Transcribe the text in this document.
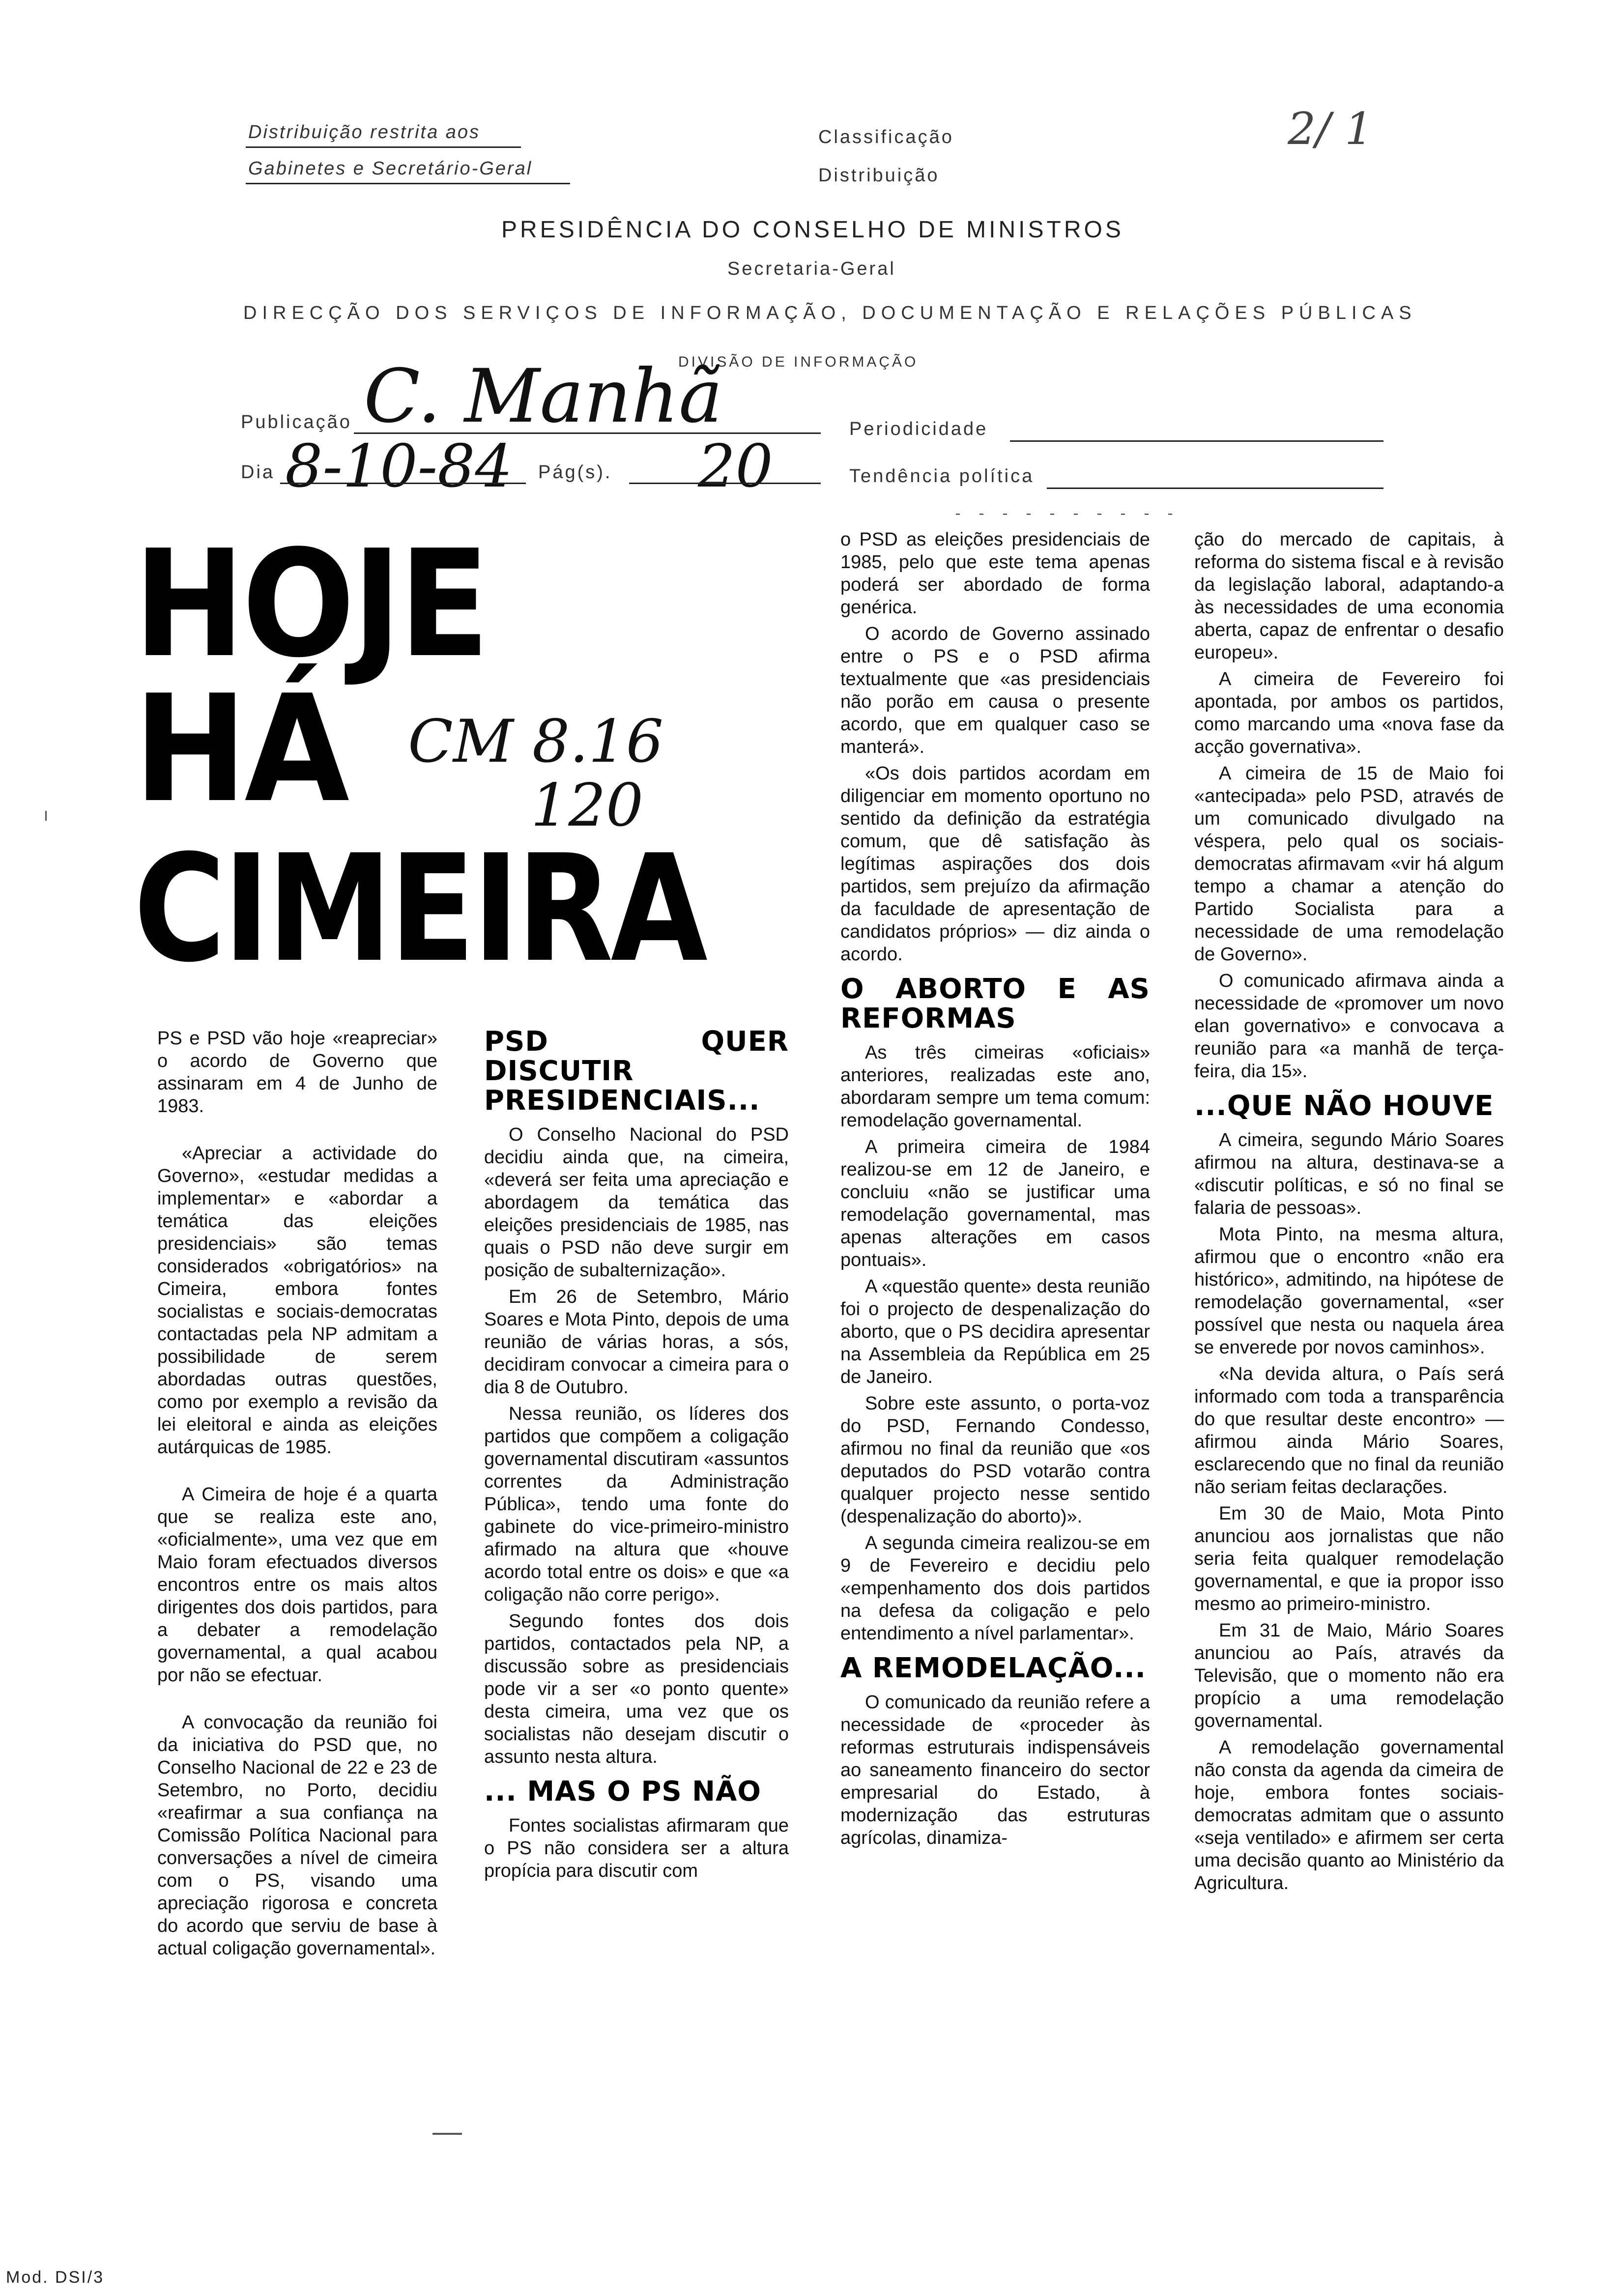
Distribuição restrita aos
Gabinetes e Secretário-Geral
Classificação
Distribuição
2/ 1
PRESIDÊNCIA DO CONSELHO DE MINISTROS
Secretaria-Geral
DIRECÇÃO DOS SERVIÇOS DE INFORMAÇÃO, DOCUMENTAÇÃO E RELAÇÕES PÚBLICAS
DIVISÃO DE INFORMAÇÃO
Publicação C. Manhã
Dia 8-10-84 Pág(s). 20
Periodicidade
Tendência política
- - - - - - - - - -
HOJE
HÁ
CIMEIRA
CM 8.16
120

PS e PSD vão hoje «reapreciar» o acordo de Governo que assinaram em 4 de Junho de 1983.

«Apreciar a actividade do Governo», «estudar medidas a implementar» e «abordar a temática das eleições presidenciais» são temas considerados «obrigatórios» na Cimeira, embora fontes socialistas e sociais-democratas contactadas pela NP admitam a possibilidade de serem abordadas outras questões, como por exemplo a revisão da lei eleitoral e ainda as eleições autárquicas de 1985.

A Cimeira de hoje é a quarta que se realiza este ano, «oficialmente», uma vez que em Maio foram efectuados diversos encontros entre os mais altos dirigentes dos dois partidos, para a debater a remodelação governamental, a qual acabou por não se efectuar.

A convocação da reunião foi da iniciativa do PSD que, no Conselho Nacional de 22 e 23 de Setembro, no Porto, decidiu «reafirmar a sua confiança na Comissão Política Nacional para conversações a nível de cimeira com o PS, visando uma apreciação rigorosa e concreta do acordo que serviu de base à actual coligação governamental».

PSD QUER DISCUTIR PRESIDENCIAIS...

O Conselho Nacional do PSD decidiu ainda que, na cimeira, «deverá ser feita uma apreciação e abordagem da temática das eleições presidenciais de 1985, nas quais o PSD não deve surgir em posição de subalternização».

Em 26 de Setembro, Mário Soares e Mota Pinto, depois de uma reunião de várias horas, a sós, decidiram convocar a cimeira para o dia 8 de Outubro.

Nessa reunião, os líderes dos partidos que compõem a coligação governamental discutiram «assuntos correntes da Administração Pública», tendo uma fonte do gabinete do vice-primeiro-ministro afirmado na altura que «houve acordo total entre os dois» e que «a coligação não corre perigo».

Segundo fontes dos dois partidos, contactados pela NP, a discussão sobre as presidenciais pode vir a ser «o ponto quente» desta cimeira, uma vez que os socialistas não desejam discutir o assunto nesta altura.

... MAS O PS NÃO

Fontes socialistas afirmaram que o PS não considera ser a altura propícia para discutir com

o PSD as eleições presidenciais de 1985, pelo que este tema apenas poderá ser abordado de forma genérica.

O acordo de Governo assinado entre o PS e o PSD afirma textualmente que «as presidenciais não porão em causa o presente acordo, que em qualquer caso se manterá».

«Os dois partidos acordam em diligenciar em momento oportuno no sentido da definição da estratégia comum, que dê satisfação às legítimas aspirações dos dois partidos, sem prejuízo da afirmação da faculdade de apresentação de candidatos próprios» — diz ainda o acordo.

O ABORTO E AS REFORMAS

As três cimeiras «oficiais» anteriores, realizadas este ano, abordaram sempre um tema comum: remodelação governamental.

A primeira cimeira de 1984 realizou-se em 12 de Janeiro, e concluiu «não se justificar uma remodelação governamental, mas apenas alterações em casos pontuais».

A «questão quente» desta reunião foi o projecto de despenalização do aborto, que o PS decidira apresentar na Assembleia da República em 25 de Janeiro.

Sobre este assunto, o porta-voz do PSD, Fernando Condesso, afirmou no final da reunião que «os deputados do PSD votarão contra qualquer projecto nesse sentido (despenalização do aborto)».

A segunda cimeira realizou-se em 9 de Fevereiro e decidiu pelo «empenhamento dos dois partidos na defesa da coligação e pelo entendimento a nível parlamentar».

A REMODELAÇÃO...

O comunicado da reunião refere a necessidade de «proceder às reformas estruturais indispensáveis ao saneamento financeiro do sector empresarial do Estado, à modernização das estruturas agrícolas, dinamiza-

ção do mercado de capitais, à reforma do sistema fiscal e à revisão da legislação laboral, adaptando-a às necessidades de uma economia aberta, capaz de enfrentar o desafio europeu».

A cimeira de Fevereiro foi apontada, por ambos os partidos, como marcando uma «nova fase da acção governativa».

A cimeira de 15 de Maio foi «antecipada» pelo PSD, através de um comunicado divulgado na véspera, pelo qual os sociais-democratas afirmavam «vir há algum tempo a chamar a atenção do Partido Socialista para a necessidade de uma remodelação de Governo».

O comunicado afirmava ainda a necessidade de «promover um novo elan governativo» e convocava a reunião para «a manhã de terça-feira, dia 15».

...QUE NÃO HOUVE

A cimeira, segundo Mário Soares afirmou na altura, destinava-se a «discutir políticas, e só no final se falaria de pessoas».

Mota Pinto, na mesma altura, afirmou que o encontro «não era histórico», admitindo, na hipótese de remodelação governamental, «ser possível que nesta ou naquela área se enverede por novos caminhos».

«Na devida altura, o País será informado com toda a transparência do que resultar deste encontro» — afirmou ainda Mário Soares, esclarecendo que no final da reunião não seriam feitas declarações.

Em 30 de Maio, Mota Pinto anunciou aos jornalistas que não seria feita qualquer remodelação governamental, e que ia propor isso mesmo ao primeiro-ministro.

Em 31 de Maio, Mário Soares anunciou ao País, através da Televisão, que o momento não era propício a uma remodelação governamental.

A remodelação governamental não consta da agenda da cimeira de hoje, embora fontes sociais-democratas admitam que o assunto «seja ventilado» e afirmem ser certa uma decisão quanto ao Ministério da Agricultura.

Mod. DSI/3
